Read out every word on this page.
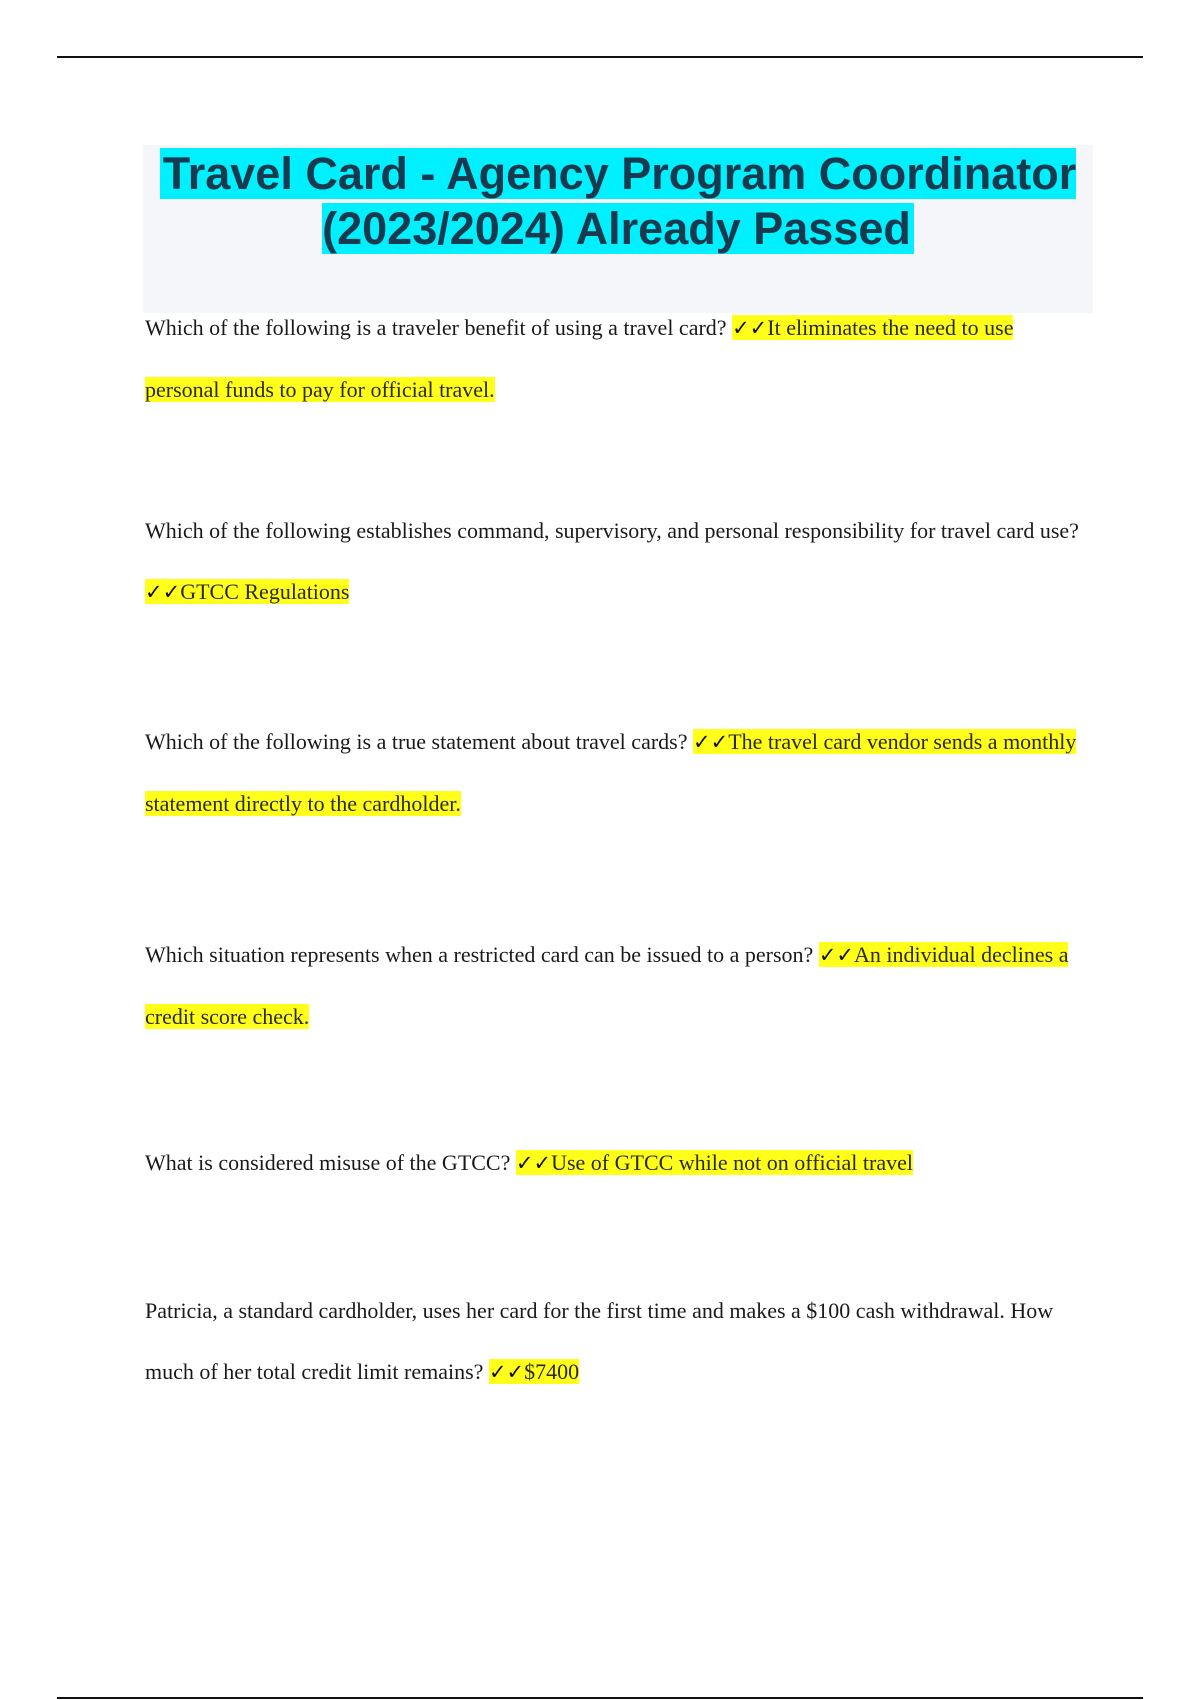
Travel Card - Agency Program Coordinator (2023/2024) Already Passed

Which of the following is a traveler benefit of using a travel card? ✓✓It eliminates the need to use personal funds to pay for official travel.

Which of the following establishes command, supervisory, and personal responsibility for travel card use? ✓✓GTCC Regulations

Which of the following is a true statement about travel cards? ✓✓The travel card vendor sends a monthly statement directly to the cardholder.

Which situation represents when a restricted card can be issued to a person? ✓✓An individual declines a credit score check.

What is considered misuse of the GTCC? ✓✓Use of GTCC while not on official travel

Patricia, a standard cardholder, uses her card for the first time and makes a $100 cash withdrawal. How much of her total credit limit remains? ✓✓$7400
